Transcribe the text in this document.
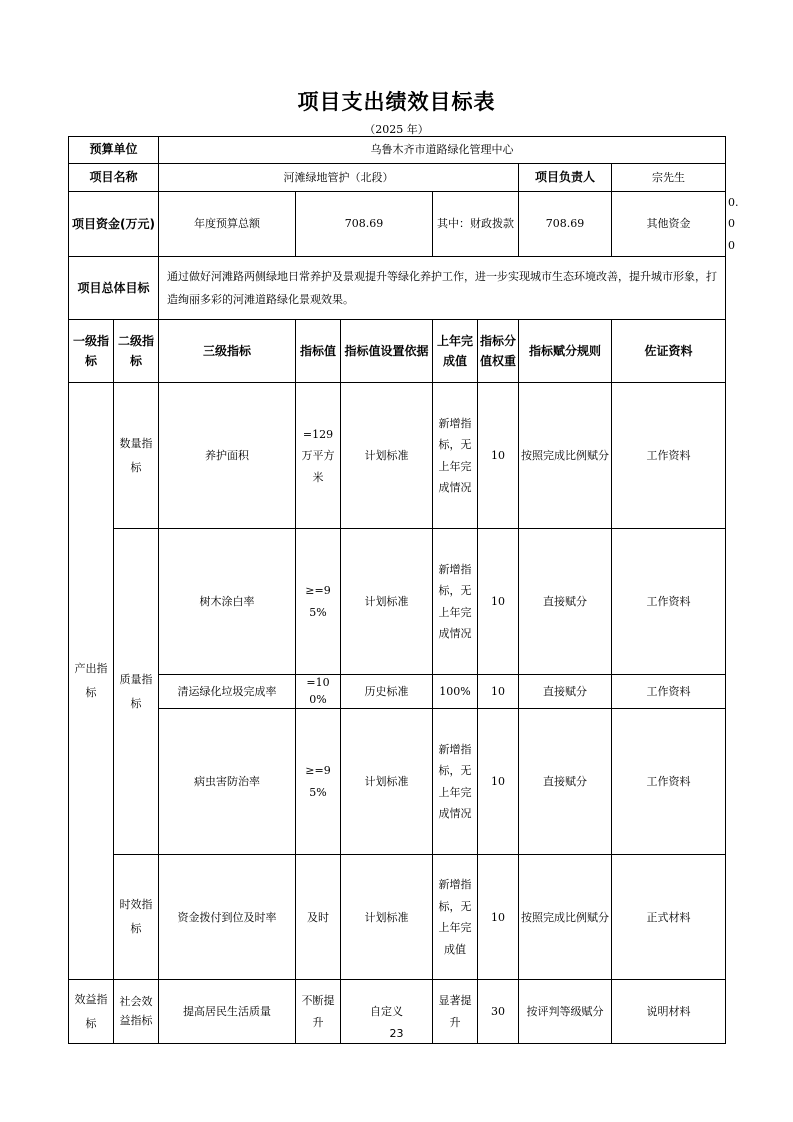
项目支出绩效目标表
（2025 年）
预算单位		乌鲁木齐市道路绿化管理中心							
项目名称		河滩绿地管护（北段）					项目负责人	宗先生	
项目资金(万元)		年度预算总额	708.69		其中：财政拨款		708.69	其他资金	0.00
项目总体目标		通过做好河滩路两侧绿地日常养护及景观提升等绿化养护工作，进一步实现城市生态环境改善，提升城市形象，打造绚丽多彩的河滩道路绿化景观效果。							
一级指标	二级指标	三级指标	指标值	指标值设置依据	上年完成值	指标分值权重	指标赋分规则	佐证资料	
产出指标	数量指标	养护面积	=129万平方米	计划标准	新增指标，无上年完成情况	10	按照完成比例赋分	工作资料	
	质量指标	树木涂白率	≥=95%	计划标准	新增指标，无上年完成情况	10	直接赋分	工作资料	
		清运绿化垃圾完成率	=100%	历史标准	100%	10	直接赋分	工作资料	
		病虫害防治率	≥=95%	计划标准	新增指标，无上年完成情况	10	直接赋分	工作资料	
	时效指标	资金拨付到位及时率	及时	计划标准	新增指标，无上年完成值	10	按照完成比例赋分	正式材料	
效益指标	社会效益指标	提高居民生活质量	不断提升	自定义	显著提升	30	按评判等级赋分	说明材料	
23
